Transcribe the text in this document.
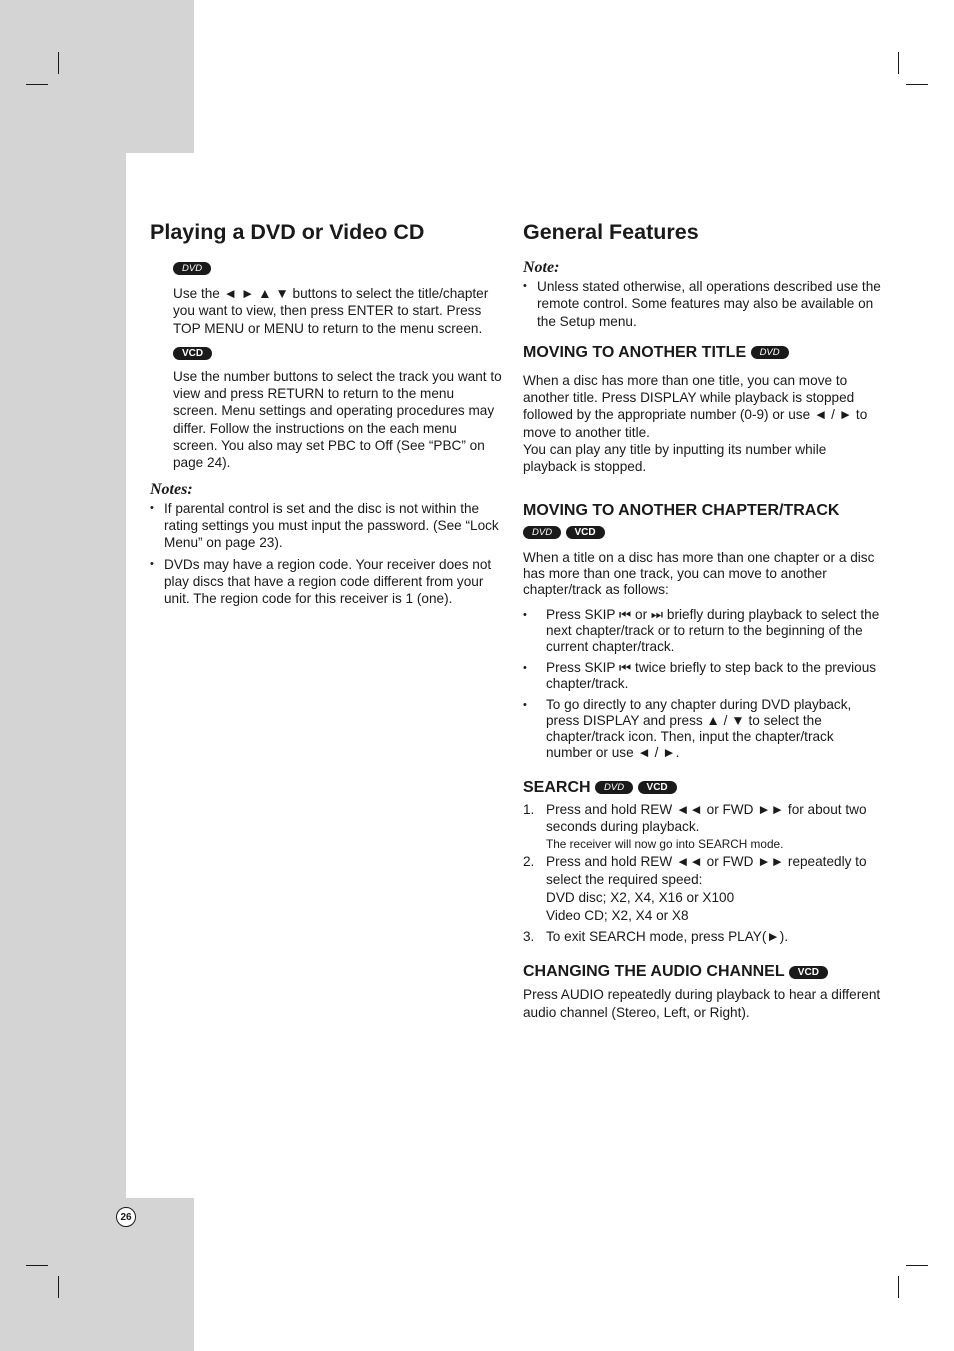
Playing a DVD or Video CD
DVD

Use the ◄ ► ▲ ▼ buttons to select the title/chapter you want to view, then press ENTER to start. Press TOP MENU or MENU to return to the menu screen.

VCD

Use the number buttons to select the track you want to view and press RETURN to return to the menu screen. Menu settings and operating procedures may differ. Follow the instructions on the each menu screen. You also may set PBC to Off (See “PBC” on page 24).

Notes:

• If parental control is set and the disc is not within the rating settings you must input the password. (See “Lock Menu” on page 23).
• DVDs may have a region code. Your receiver does not play discs that have a region code different from your unit. The region code for this receiver is 1 (one).
General Features

Note:

• Unless stated otherwise, all operations described use the remote control. Some features may also be available on the Setup menu.
MOVING TO ANOTHER TITLE DVD

When a disc has more than one title, you can move to another title. Press DISPLAY while playback is stopped followed by the appropriate number (0-9) or use ◄ / ► to move to another title.

You can play any title by inputting its number while playback is stopped.

MOVING TO ANOTHER CHAPTER/TRACK
DVD VCD

When a title on a disc has more than one chapter or a disc has more than one track, you can move to another chapter/track as follows:

• Press SKIP ⏮ or ⏭ briefly during playback to select the next chapter/track or to return to the beginning of the current chapter/track.
• Press SKIP ⏮ twice briefly to step back to the previous chapter/track.
• To go directly to any chapter during DVD playback, press DISPLAY and press ▲ / ▼ to select the chapter/track icon. Then, input the chapter/track number or use ◄ / ►.
SEARCH DVD VCD
1. Press and hold REW ◄◄ or FWD ►► for about two seconds during playback.
The receiver will now go into SEARCH mode.
2. Press and hold REW ◄◄ or FWD ►► repeatedly to select the required speed:
DVD disc; X2, X4, X16 or X100
Video CD; X2, X4 or X8
3. To exit SEARCH mode, press PLAY(►).
CHANGING THE AUDIO CHANNEL VCD

Press AUDIO repeatedly during playback to hear a different audio channel (Stereo, Left, or Right).

26
